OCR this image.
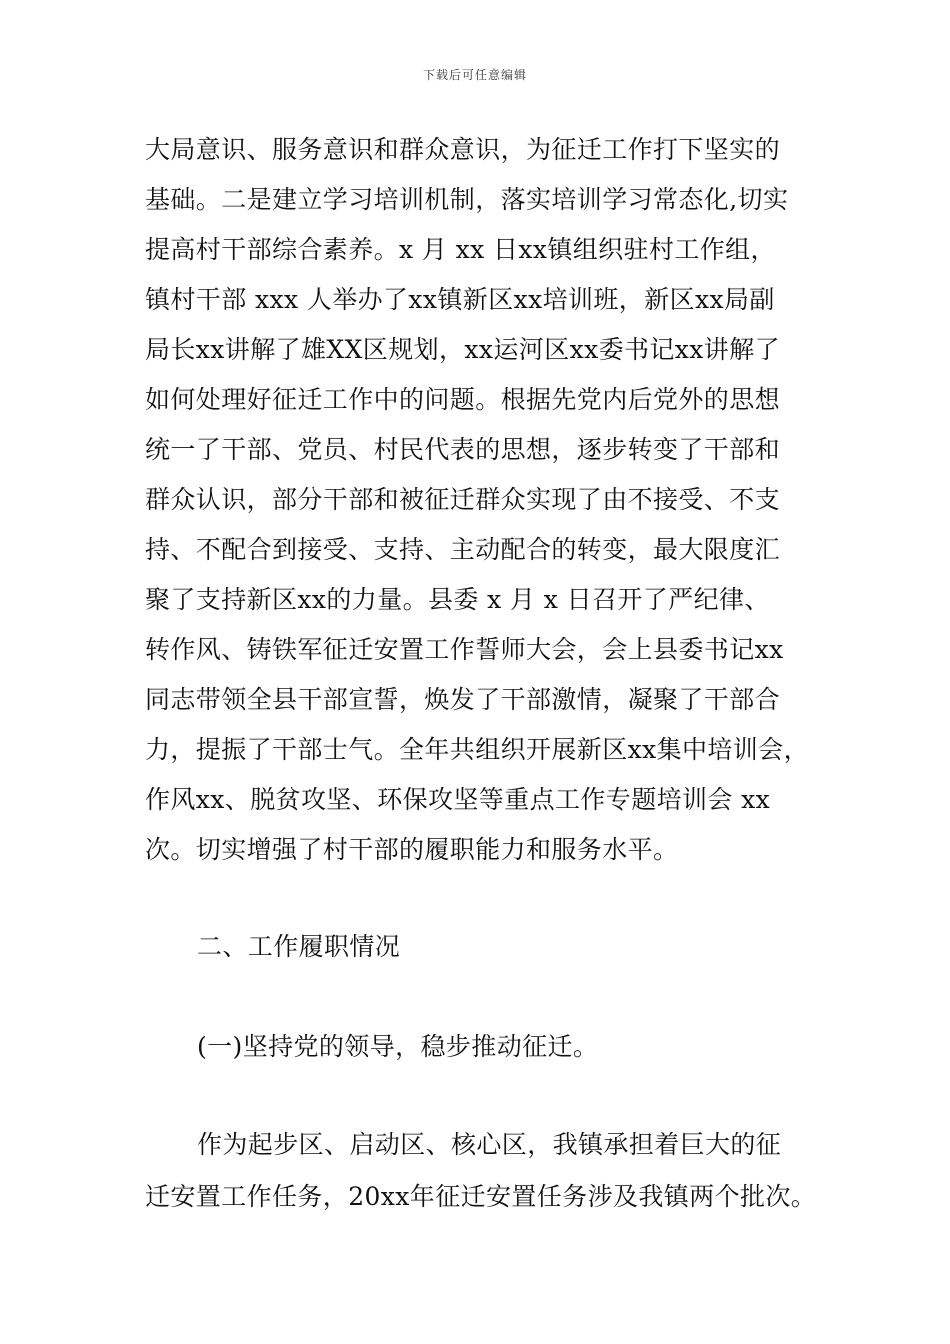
下载后可任意编辑
大局意识、服务意识和群众意识，为征迁工作打下坚实的
基础。二是建立学习培训机制，落实培训学习常态化,切实
提高村干部综合素养。x 月 xx 日xx镇组织驻村工作组，
镇村干部 xxx 人举办了xx镇新区xx培训班，新区xx局副
局长xx讲解了雄XX区规划，xx运河区xx委书记xx讲解了
如何处理好征迁工作中的问题。根据先党内后党外的思想
统一了干部、党员、村民代表的思想，逐步转变了干部和
群众认识，部分干部和被征迁群众实现了由不接受、不支
持、不配合到接受、支持、主动配合的转变，最大限度汇
聚了支持新区xx的力量。县委 x 月 x 日召开了严纪律、
转作风、铸铁军征迁安置工作誓师大会，会上县委书记xx
同志带领全县干部宣誓，焕发了干部激情，凝聚了干部合
力，提振了干部士气。全年共组织开展新区xx集中培训会，
作风xx、脱贫攻坚、环保攻坚等重点工作专题培训会 xx
次。切实增强了村干部的履职能力和服务水平。
二、工作履职情况
(一)坚持党的领导，稳步推动征迁。
作为起步区、启动区、核心区，我镇承担着巨大的征
迁安置工作任务，20xx年征迁安置任务涉及我镇两个批次。
